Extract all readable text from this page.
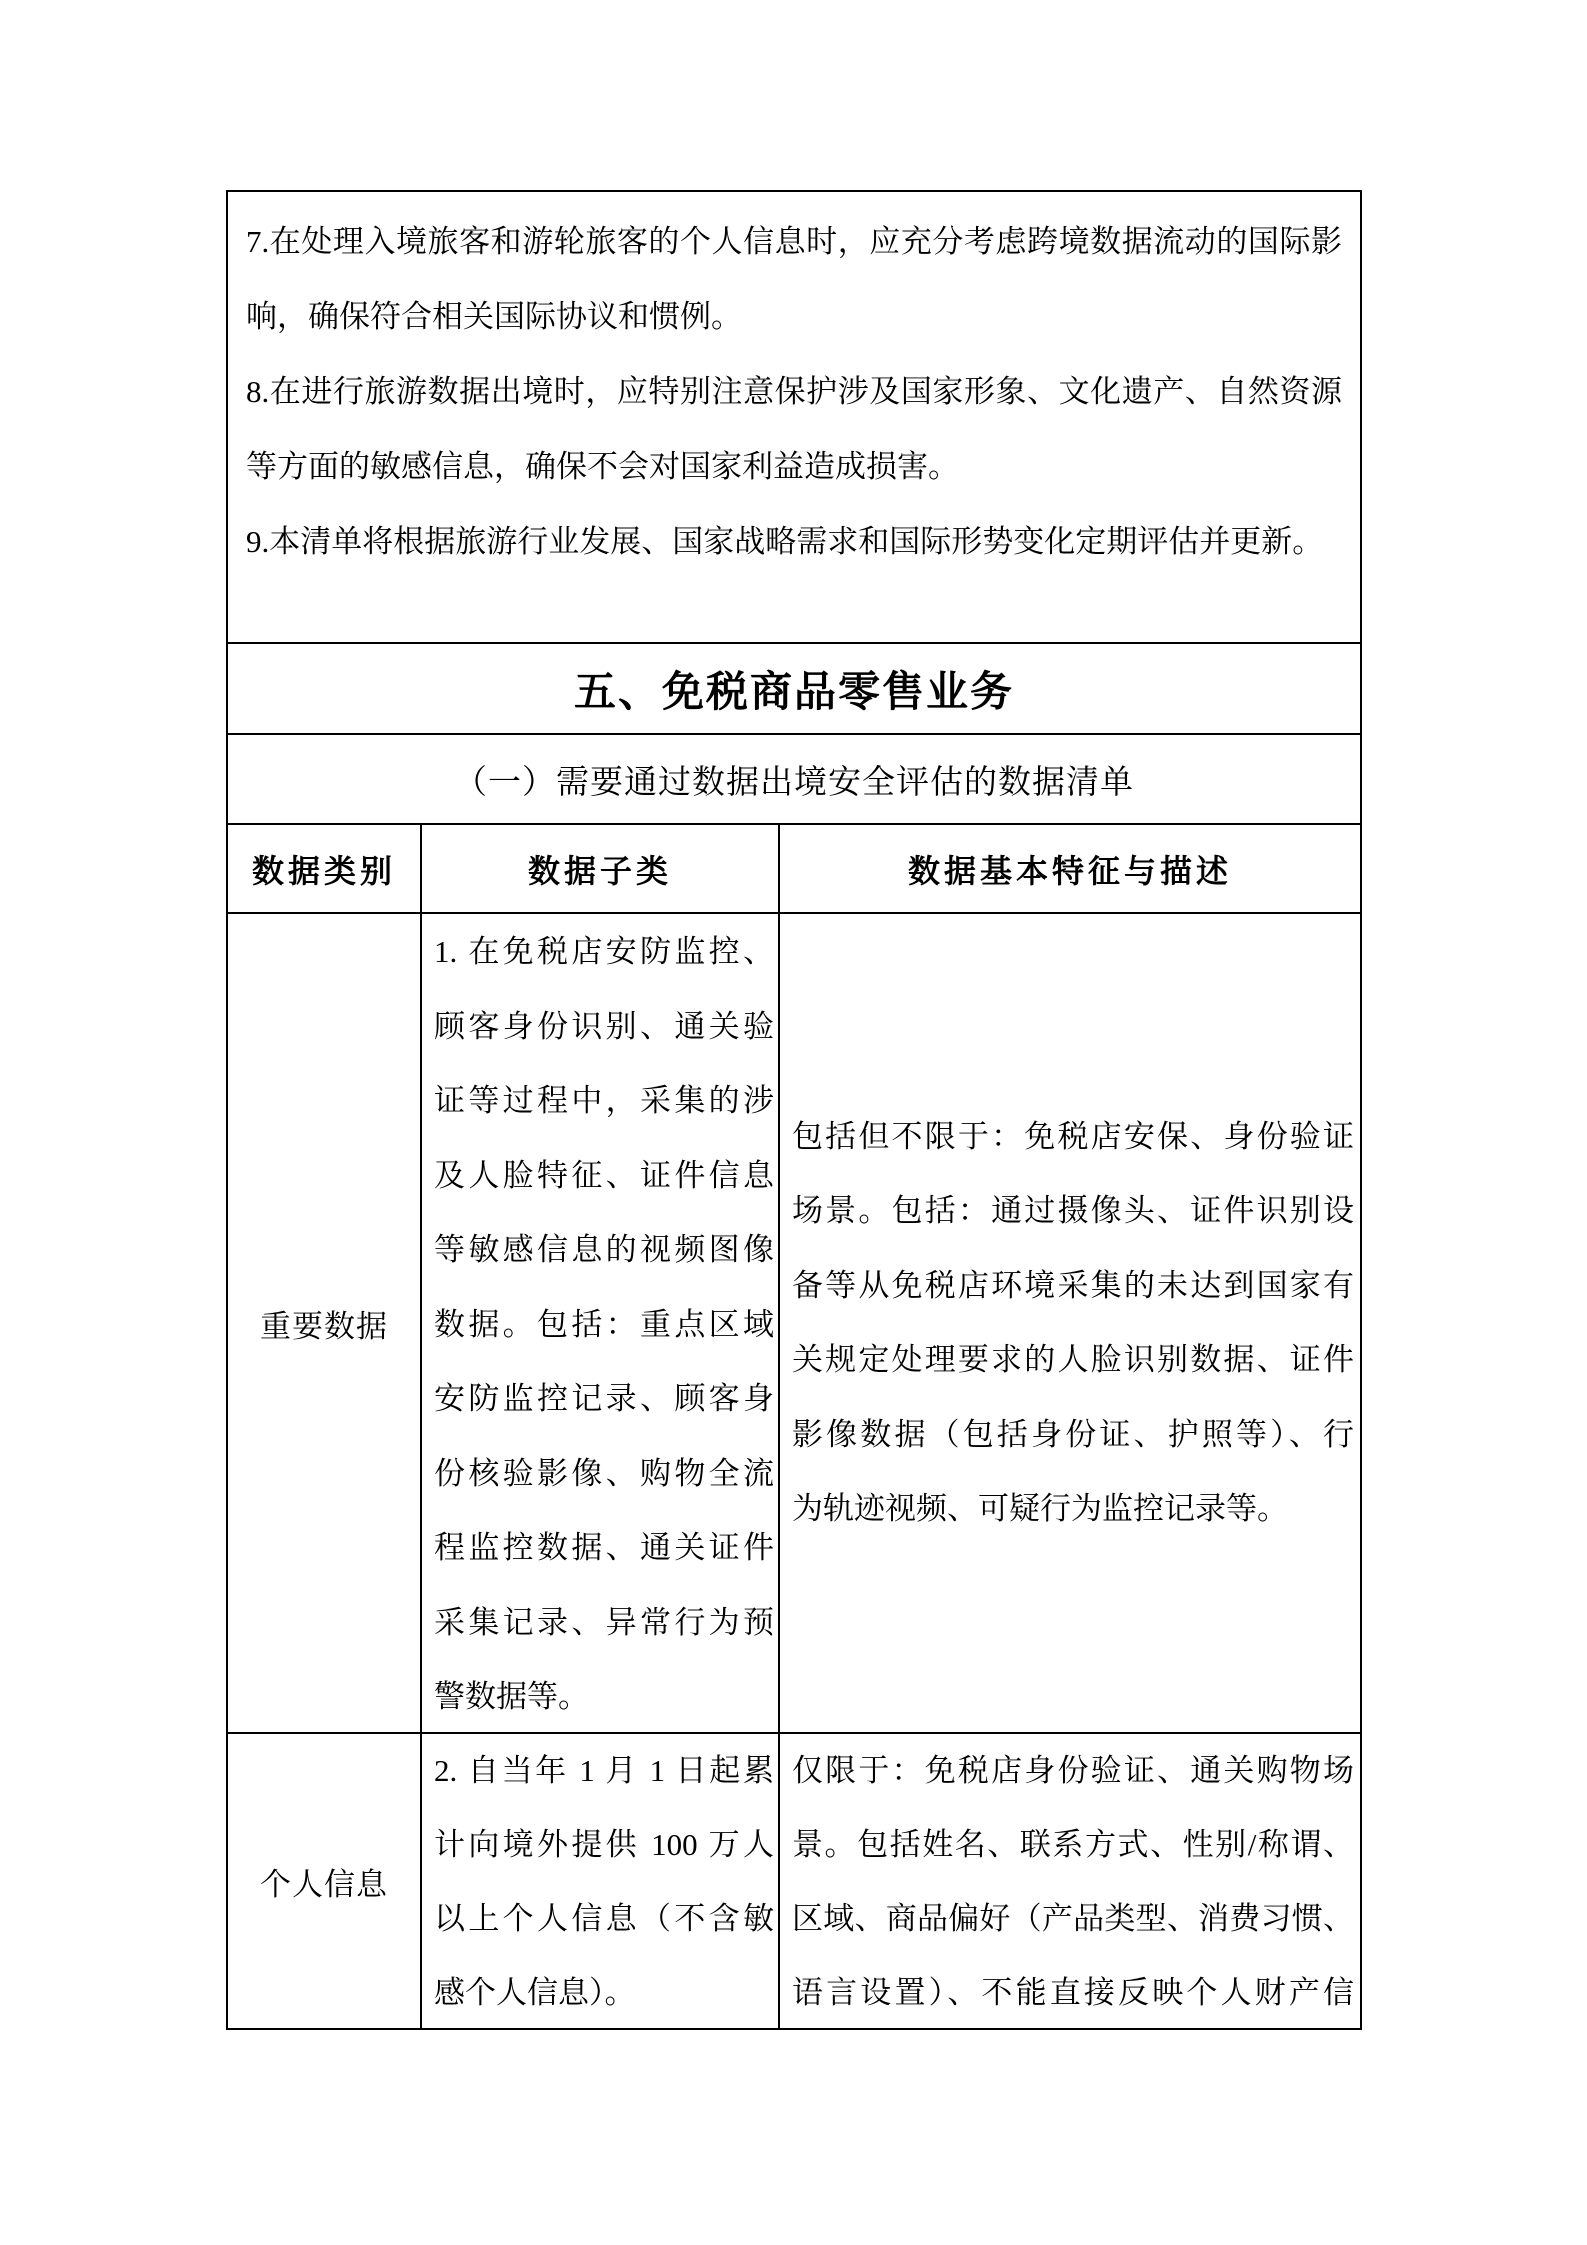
7.在处理入境旅客和游轮旅客的个人信息时，应充分考虑跨境数据流动的国际影
响，确保符合相关国际协议和惯例。
8.在进行旅游数据出境时，应特别注意保护涉及国家形象、文化遗产、自然资源
等方面的敏感信息，确保不会对国家利益造成损害。
9.本清单将根据旅游行业发展、国家战略需求和国际形势变化定期评估并更新。
五、免税商品零售业务
（一）需要通过数据出境安全评估的数据清单
数据类别	数据子类	数据基本特征与描述
重要数据
1. 在免税店安防监控、
顾客身份识别、通关验
证等过程中，采集的涉
及人脸特征、证件信息
等敏感信息的视频图像
数据。包括：重点区域
安防监控记录、顾客身
份核验影像、购物全流
程监控数据、通关证件
采集记录、异常行为预
警数据等。
包括但不限于：免税店安保、身份验证
场景。包括：通过摄像头、证件识别设
备等从免税店环境采集的未达到国家有
关规定处理要求的人脸识别数据、证件
影像数据（包括身份证、护照等）、行
为轨迹视频、可疑行为监控记录等。
个人信息
2. 自当年 1 月 1 日起累
计向境外提供 100 万人
以上个人信息（不含敏
感个人信息）。
仅限于：免税店身份验证、通关购物场
景。包括姓名、联系方式、性别/称谓、
区域、商品偏好（产品类型、消费习惯、
语言设置）、不能直接反映个人财产信
